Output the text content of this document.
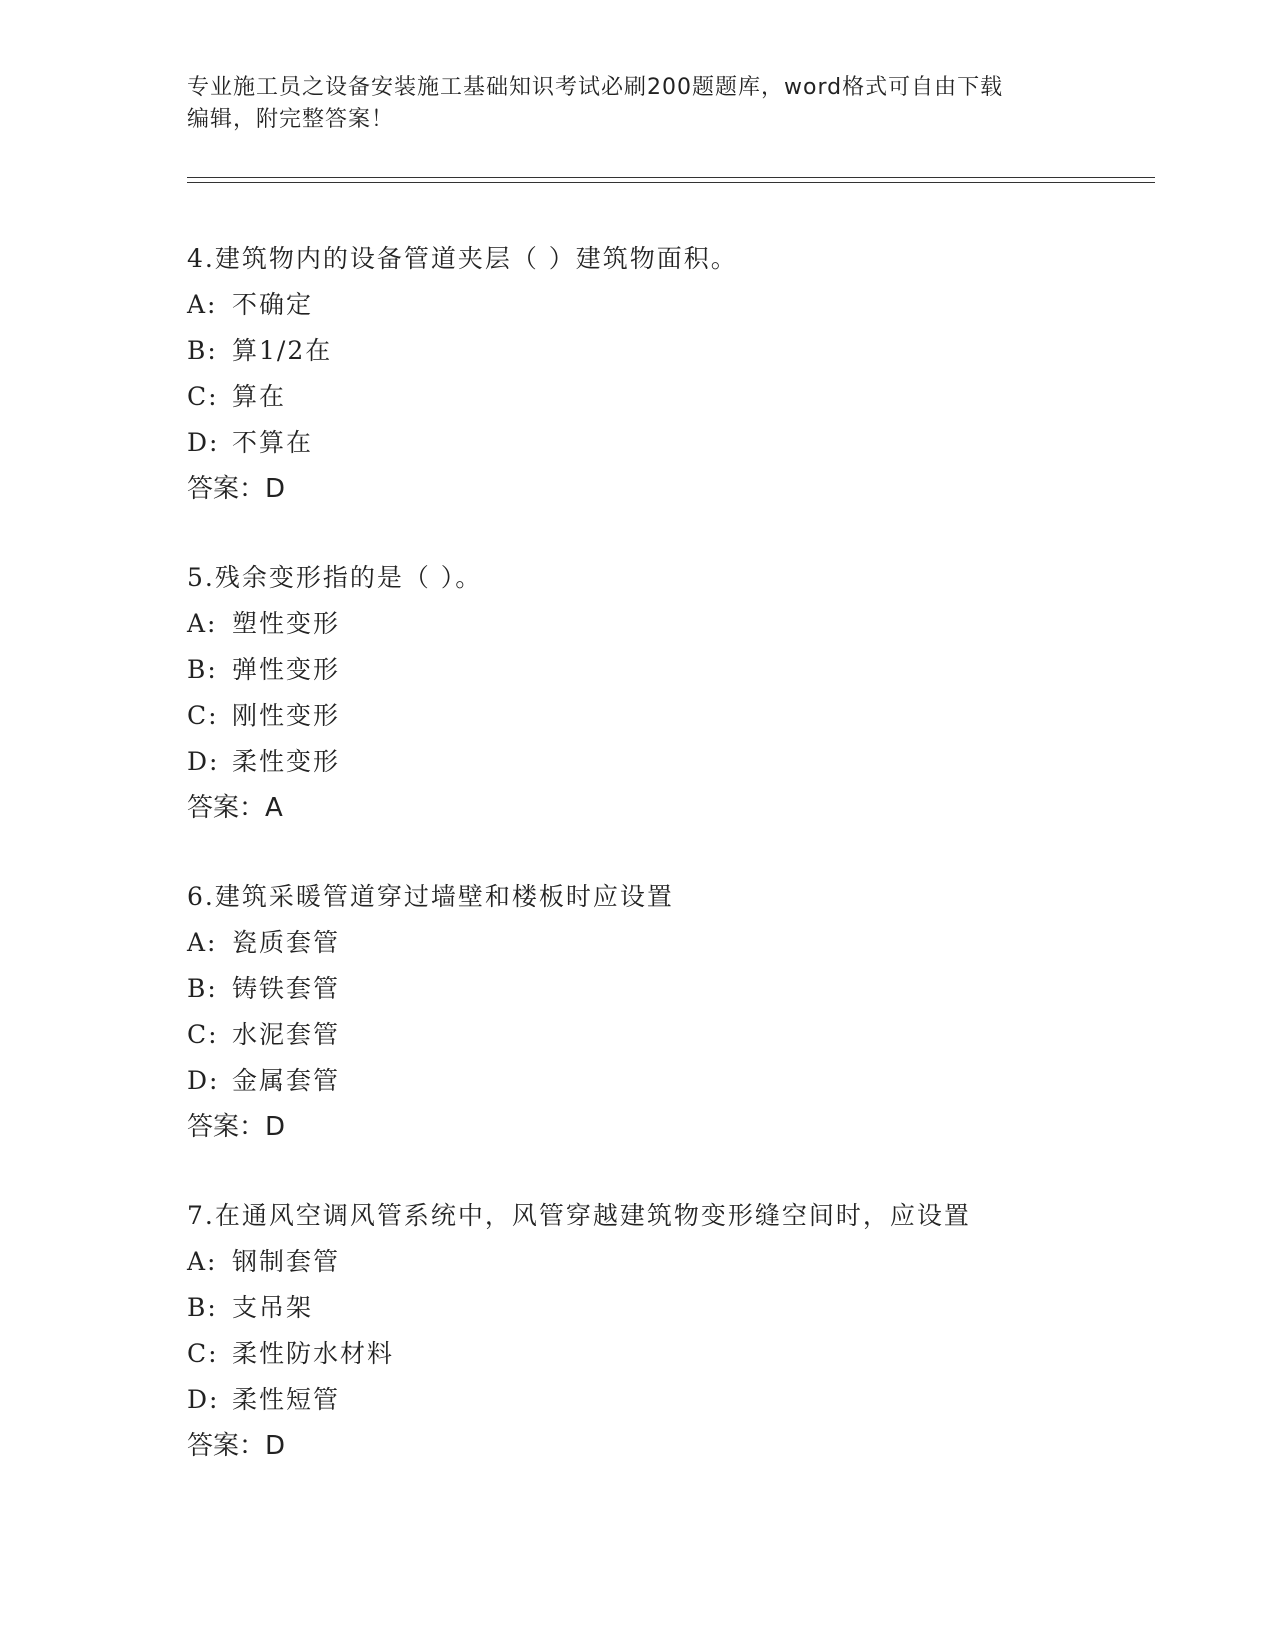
专业施工员之设备安装施工基础知识考试必刷200题题库，word格式可自由下载
编辑，附完整答案！
4.建筑物内的设备管道夹层（ ）建筑物面积。
A: 不确定
B: 算1/2在
C: 算在
D: 不算在
答案：D
5.残余变形指的是（ ）。
A: 塑性变形
B: 弹性变形
C: 刚性变形
D: 柔性变形
答案：A
6.建筑采暖管道穿过墙壁和楼板时应设置
A: 瓷质套管
B: 铸铁套管
C: 水泥套管
D: 金属套管
答案：D
7.在通风空调风管系统中，风管穿越建筑物变形缝空间时，应设置
A: 钢制套管
B: 支吊架
C: 柔性防水材料
D: 柔性短管
答案：D
